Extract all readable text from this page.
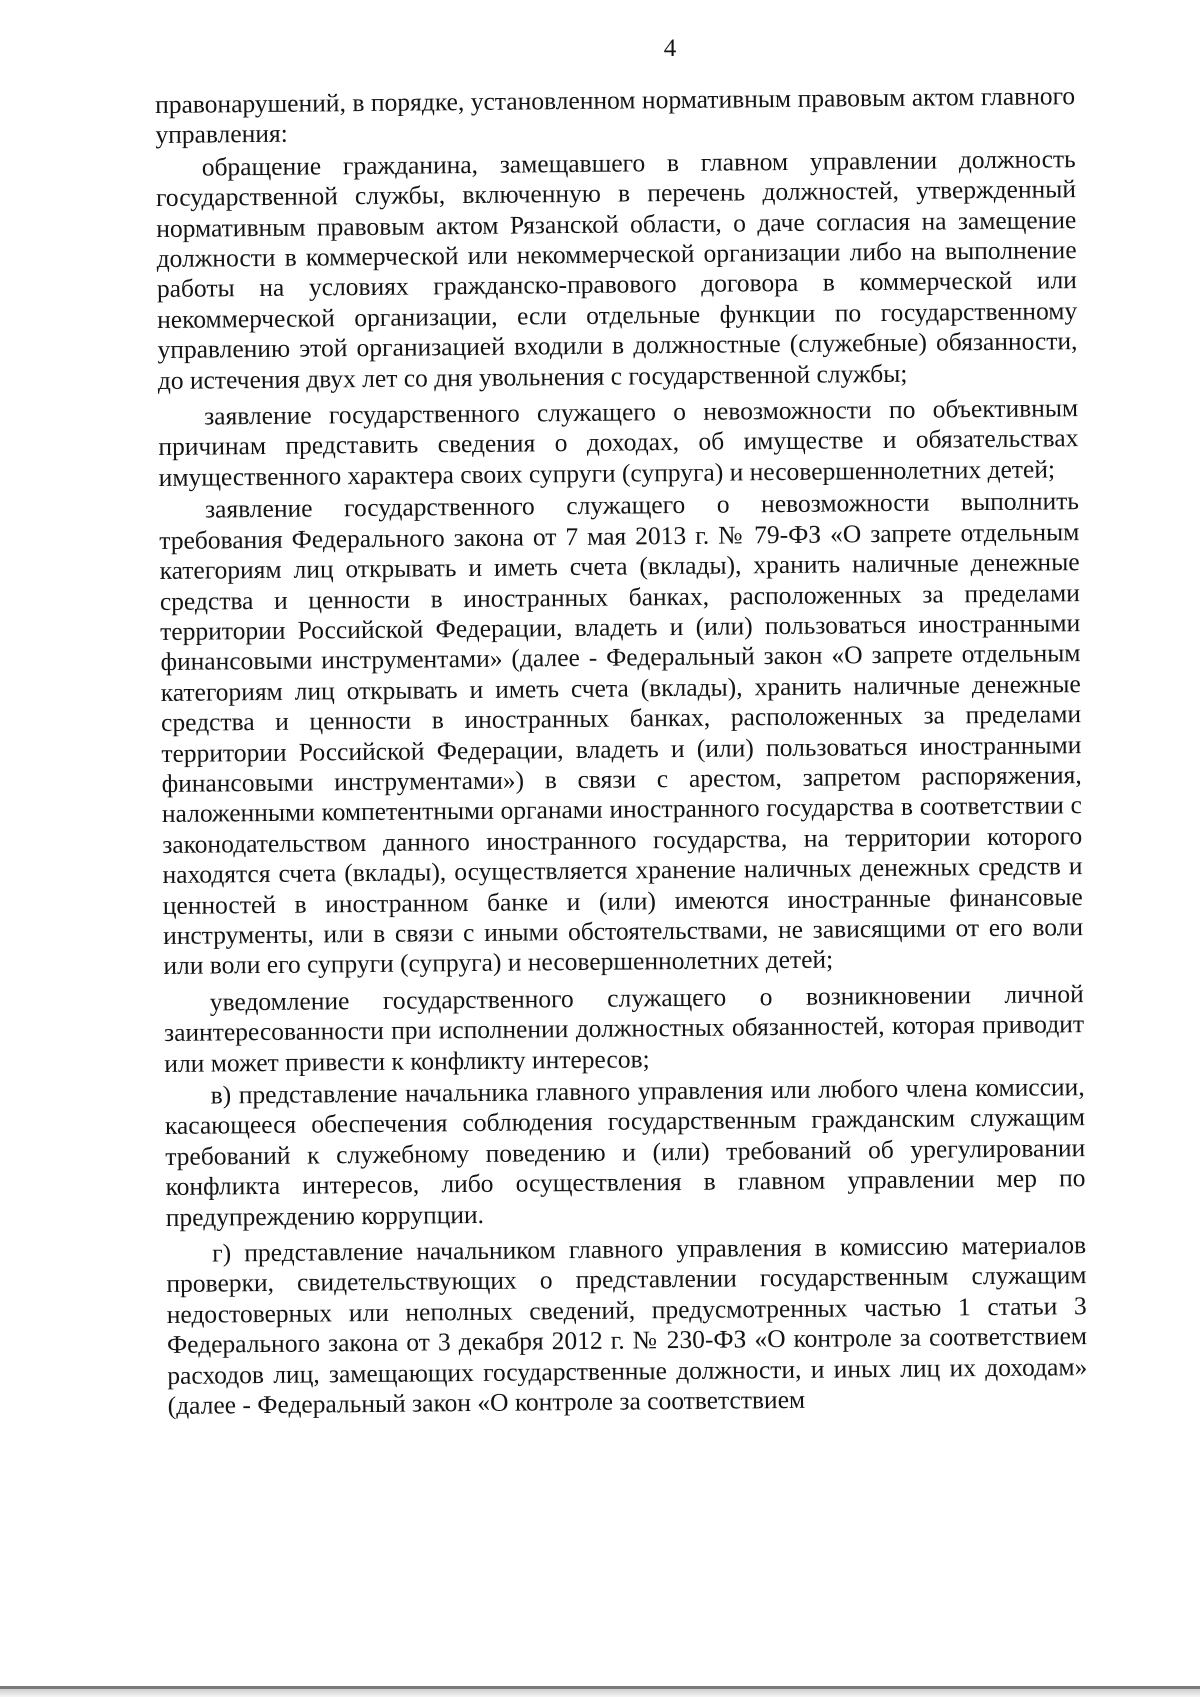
4

правонарушений, в порядке, установленном нормативным правовым актом главного управления:

обращение гражданина, замещавшего в главном управлении должность государственной службы, включенную в перечень должностей, утвержденный нормативным правовым актом Рязанской области, о даче согласия на замещение должности в коммерческой или некоммерческой организации либо на выполнение работы на условиях гражданско-правового договора в коммерческой или некоммерческой организации, если отдельные функции по государственному управлению этой организацией входили в должностные (служебные) обязанности, до истечения двух лет со дня увольнения с государственной службы;

заявление государственного служащего о невозможности по объективным причинам представить сведения о доходах, об имуществе и обязательствах имущественного характера своих супруги (супруга) и несовершеннолетних детей;

заявление государственного служащего о невозможности выполнить требования Федерального закона от 7 мая 2013 г. № 79-ФЗ «О запрете отдельным категориям лиц открывать и иметь счета (вклады), хранить наличные денежные средства и ценности в иностранных банках, расположенных за пределами территории Российской Федерации, владеть и (или) пользоваться иностранными финансовыми инструментами» (далее - Федеральный закон «О запрете отдельным категориям лиц открывать и иметь счета (вклады), хранить наличные денежные средства и ценности в иностранных банках, расположенных за пределами территории Российской Федерации, владеть и (или) пользоваться иностранными финансовыми инструментами») в связи с арестом, запретом распоряжения, наложенными компетентными органами иностранного государства в соответствии с законодательством данного иностранного государства, на территории которого находятся счета (вклады), осуществляется хранение наличных денежных средств и ценностей в иностранном банке и (или) имеются иностранные финансовые инструменты, или в связи с иными обстоятельствами, не зависящими от его воли или воли его супруги (супруга) и несовершеннолетних детей;

уведомление государственного служащего о возникновении личной заинтересованности при исполнении должностных обязанностей, которая приводит или может привести к конфликту интересов;

в) представление начальника главного управления или любого члена комиссии, касающееся обеспечения соблюдения государственным гражданским служащим требований к служебному поведению и (или) требований об урегулировании конфликта интересов, либо осуществления в главном управлении мер по предупреждению коррупции.

г) представление начальником главного управления в комиссию материалов проверки, свидетельствующих о представлении государственным служащим недостоверных или неполных сведений, предусмотренных частью 1 статьи 3 Федерального закона от 3 декабря 2012 г. № 230-ФЗ «О контроле за соответствием расходов лиц, замещающих государственные должности, и иных лиц их доходам» (далее - Федеральный закон «О контроле за соответствием
